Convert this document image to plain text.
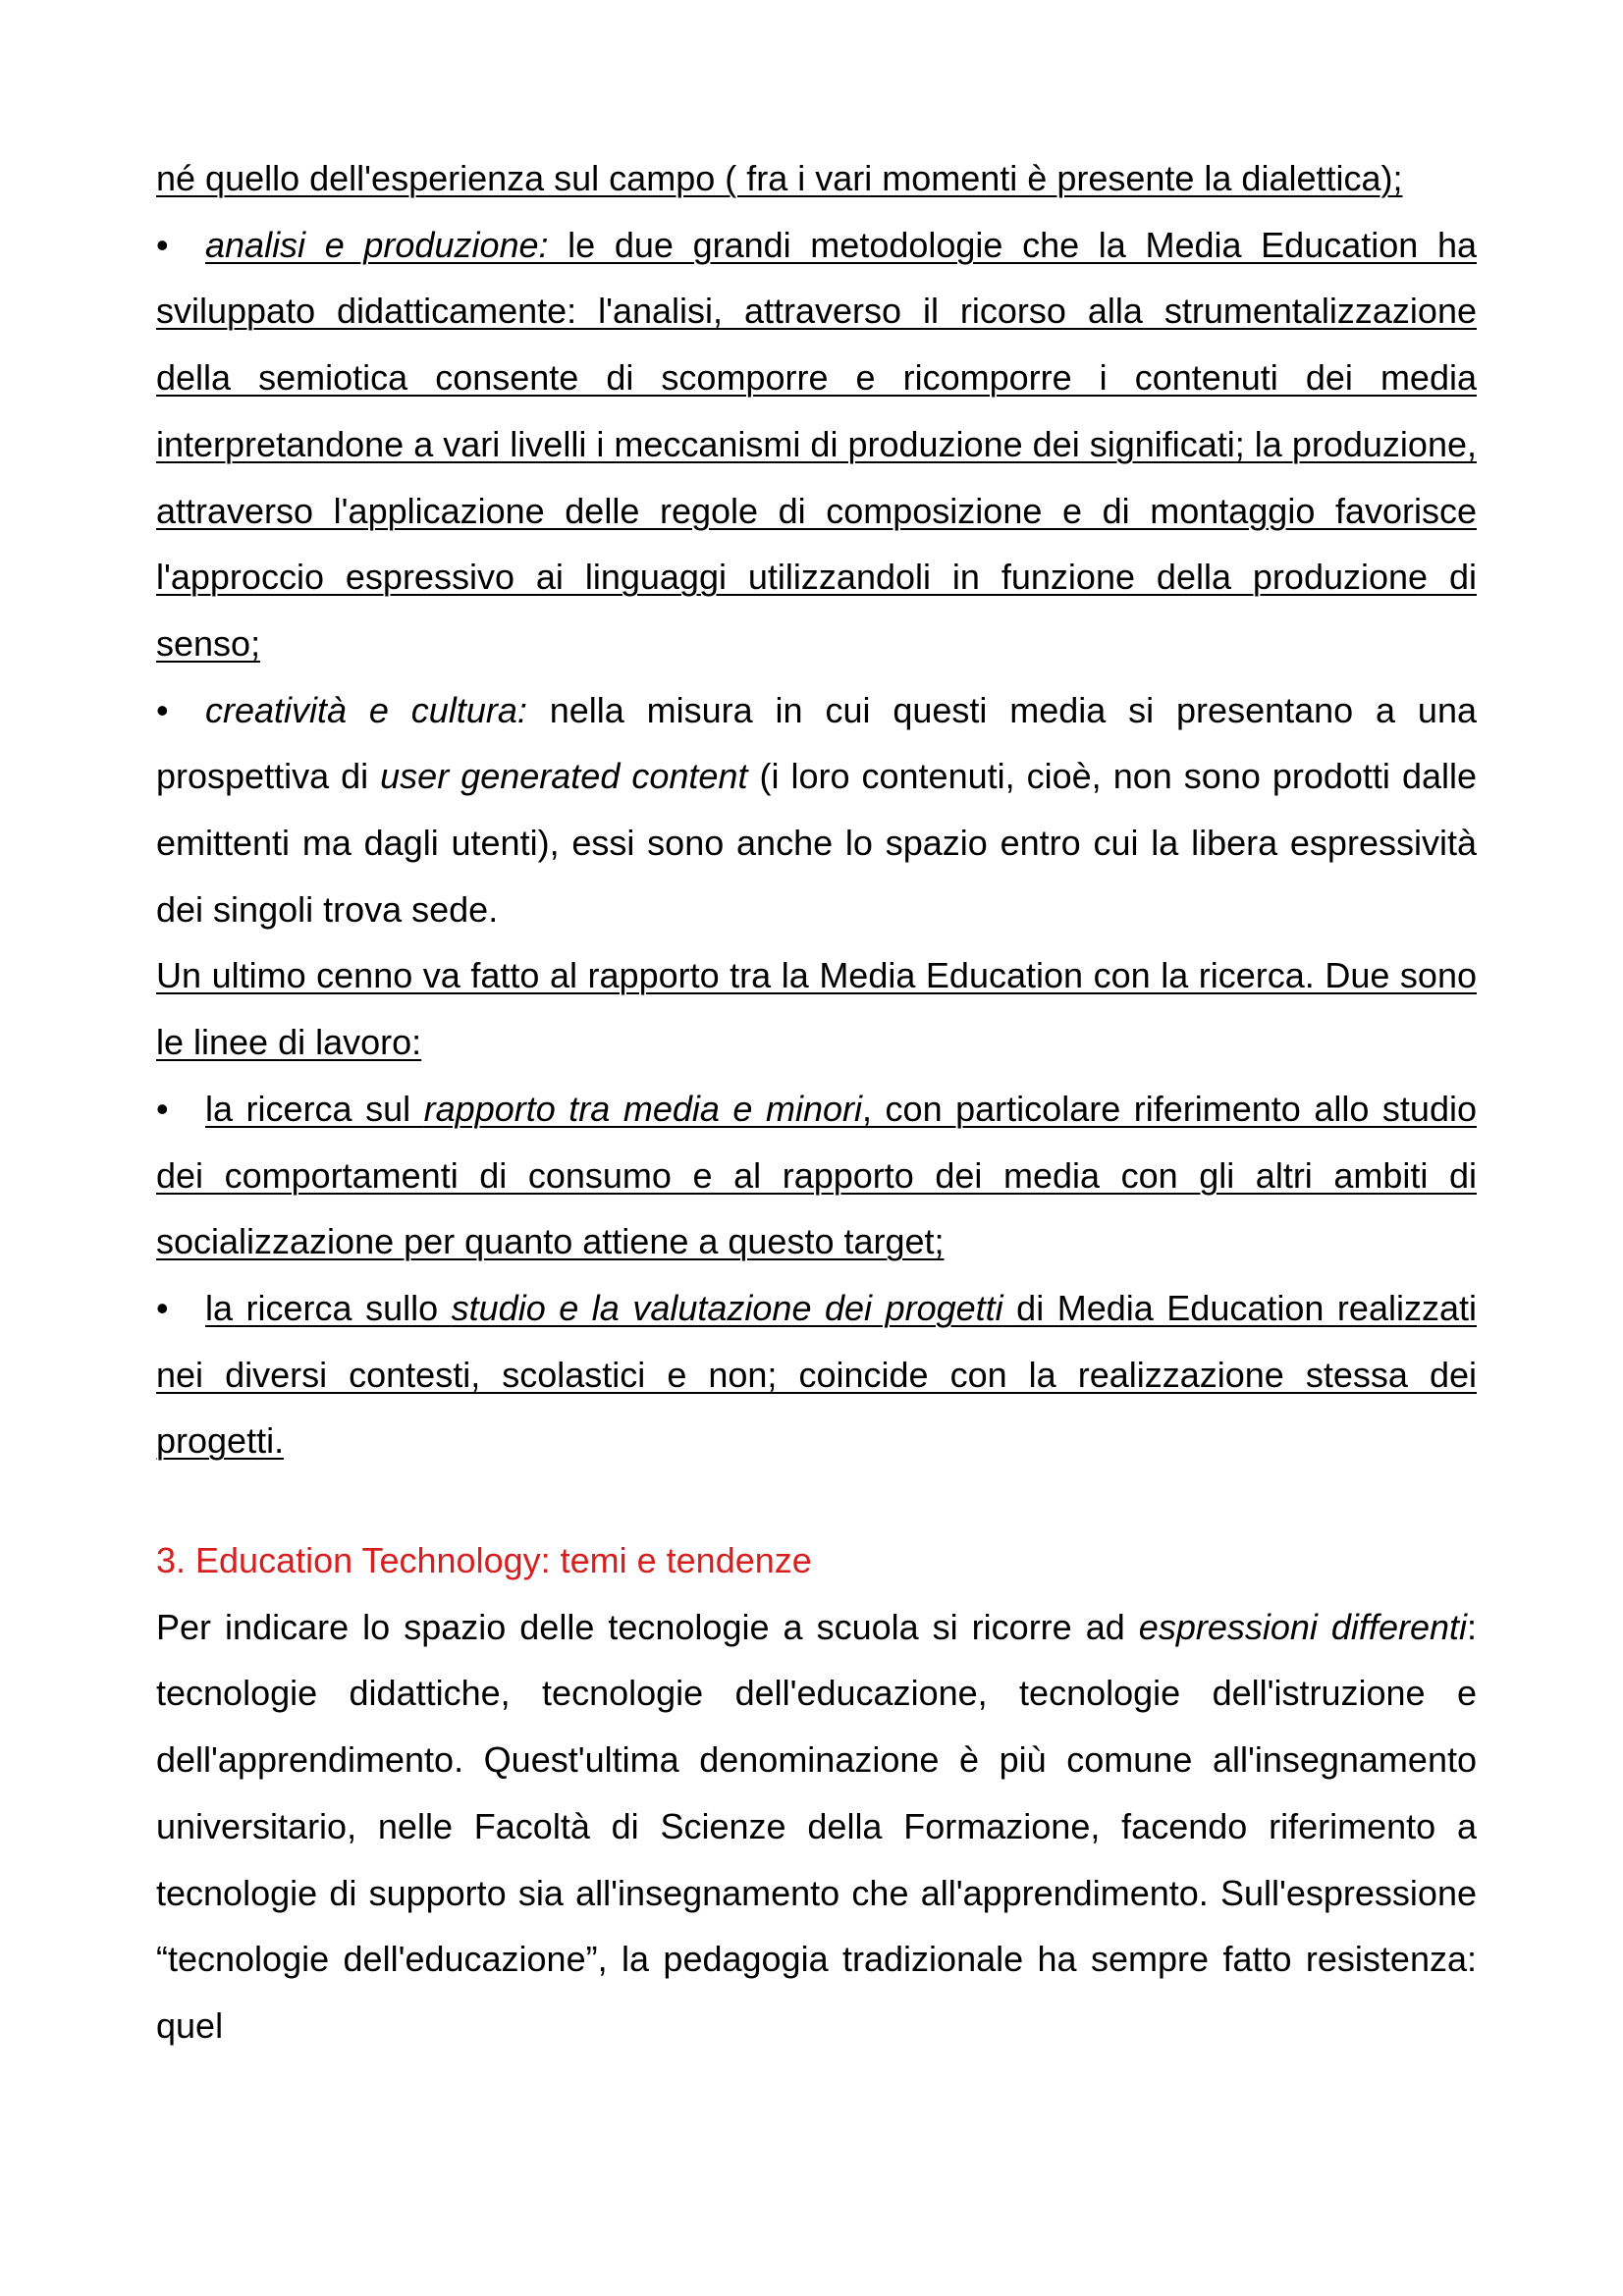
né quello dell'esperienza sul campo ( fra i vari momenti è presente la dialettica);

• analisi e produzione: le due grandi metodologie che la Media Education ha sviluppato didatticamente: l'analisi, attraverso il ricorso alla strumentalizzazione della semiotica consente di scomporre e ricomporre i contenuti dei media interpretandone a vari livelli i meccanismi di produzione dei significati; la produzione, attraverso l'applicazione delle regole di composizione e di montaggio favorisce l'approccio espressivo ai linguaggi utilizzandoli in funzione della produzione di senso;

• creatività e cultura: nella misura in cui questi media si presentano a una prospettiva di user generated content (i loro contenuti, cioè, non sono prodotti dalle emittenti ma dagli utenti), essi sono anche lo spazio entro cui la libera espressività dei singoli trova sede.

Un ultimo cenno va fatto al rapporto tra la Media Education con la ricerca. Due sono le linee di lavoro:

• la ricerca sul rapporto tra media e minori, con particolare riferimento allo studio dei comportamenti di consumo e al rapporto dei media con gli altri ambiti di socializzazione per quanto attiene a questo target;

• la ricerca sullo studio e la valutazione dei progetti di Media Education realizzati nei diversi contesti, scolastici e non; coincide con la realizzazione stessa dei progetti.

3. Education Technology: temi e tendenze

Per indicare lo spazio delle tecnologie a scuola si ricorre ad espressioni differenti: tecnologie didattiche, tecnologie dell'educazione, tecnologie dell'istruzione e dell'apprendimento. Quest'ultima denominazione è più comune all'insegnamento universitario, nelle Facoltà di Scienze della Formazione, facendo riferimento a tecnologie di supporto sia all'insegnamento che all'apprendimento. Sull'espressione “tecnologie dell'educazione”, la pedagogia tradizionale ha sempre fatto resistenza: quel
